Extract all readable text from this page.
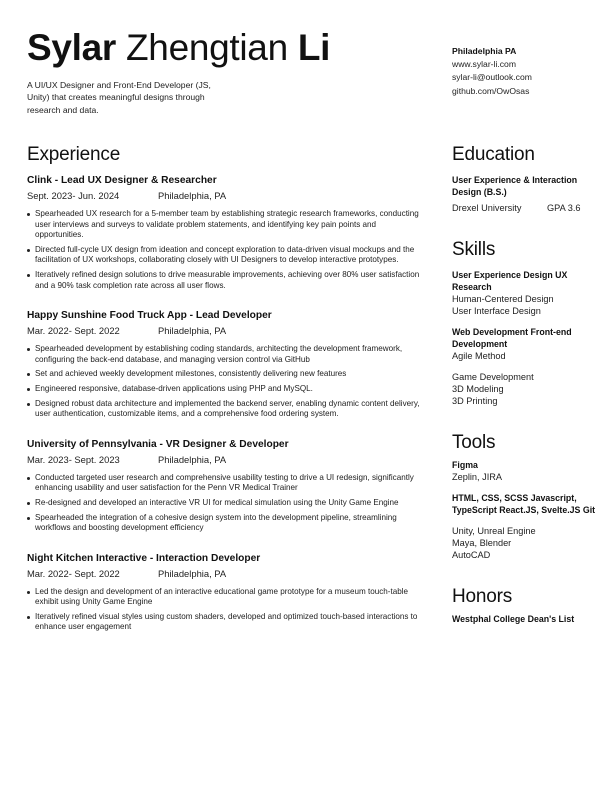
Sylar Zhengtian Li
A UI/UX Designer and Front-End Developer (JS, Unity) that creates meaningful designs through research and data.
Philadelphia PA
www.sylar-li.com
sylar-li@outlook.com
github.com/OwOsas
Experience
Clink - Lead UX Designer & Researcher
Sept. 2023- Jun. 2024	Philadelphia, PA
Spearheaded UX research for a 5-member team by establishing strategic research frameworks, conducting user interviews and surveys to validate problem statements, and identifying key pain points and opportunities.
Directed full-cycle UX design from ideation and concept exploration to data-driven visual mockups and the facilitation of UX workshops, collaborating closely with UI Designers to develop interactive prototypes.
Iteratively refined design solutions to drive measurable improvements, achieving over 80% user satisfaction and a 90% task completion rate across all user flows.
Happy Sunshine Food Truck App - Lead Developer
Mar. 2022- Sept. 2022	Philadelphia, PA
Spearheaded development by establishing coding standards, architecting the development framework, configuring the back-end database, and managing version control via GitHub
Set and achieved weekly development milestones, consistently delivering new features
Engineered responsive, database-driven applications using PHP and MySQL.
Designed robust data architecture and implemented the backend server, enabling dynamic content delivery, user authentication, customizable items, and a comprehensive food ordering system.
University of Pennsylvania - VR Designer & Developer
Mar. 2023- Sept. 2023	Philadelphia, PA
Conducted targeted user research and comprehensive usability testing to drive a UI redesign, significantly enhancing usability and user satisfaction for the Penn VR Medical Trainer
Re-designed and developed an interactive VR UI for medical simulation using the Unity Game Engine
Spearheaded the integration of a cohesive design system into the development pipeline, streamlining workflows and boosting development efficiency
Night Kitchen Interactive - Interaction Developer
Mar. 2022- Sept. 2022	Philadelphia, PA
Led the design and development of an interactive educational game prototype for a museum touch-table exhibit using Unity Game Engine
Iteratively refined visual styles using custom shaders, developed and optimized touch-based interactions to enhance user engagement
Education
User Experience & Interaction Design (B.S.)
Drexel University	GPA 3.6
Skills
User Experience Design UX Research
Human-Centered Design
User Interface Design
Web Development Front-end Development
Agile Method
Game Development
3D Modeling
3D Printing
Tools
Figma
Zeplin, JIRA
HTML, CSS, SCSS Javascript, TypeScript React.JS, Svelte.JS Git
Unity, Unreal Engine
Maya, Blender
AutoCAD
Honors
Westphal College Dean's List
